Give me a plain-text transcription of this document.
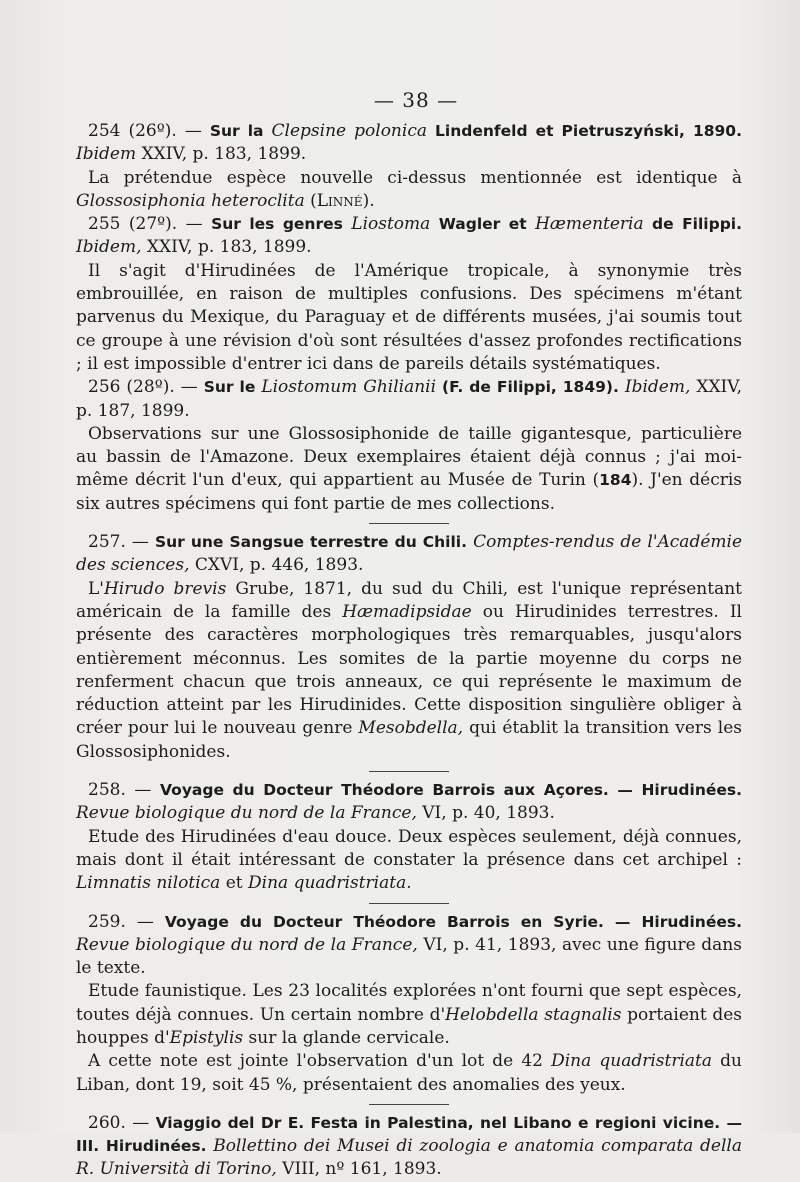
— 38 —

254 (26º). — Sur la Clepsine polonica Lindenfeld et Pietruszyński, 1890. Ibidem XXIV, p. 183, 1899.

La prétendue espèce nouvelle ci-dessus mentionnée est identique à Glossosiphonia heteroclita (Linné).

255 (27º). — Sur les genres Liostoma Wagler et Hæmenteria de Filippi. Ibidem, XXIV, p. 183, 1899.

Il s'agit d'Hirudinées de l'Amérique tropicale, à synonymie très embrouillée, en raison de multiples confusions. Des spécimens m'étant parvenus du Mexique, du Paraguay et de différents musées, j'ai soumis tout ce groupe à une révision d'où sont résultées d'assez profondes rectifications ; il est impossible d'entrer ici dans de pareils détails systématiques.

256 (28º). — Sur le Liostomum Ghilianii (F. de Filippi, 1849). Ibidem, XXIV, p. 187, 1899.

Observations sur une Glossosiphonide de taille gigantesque, particulière au bassin de l'Amazone. Deux exemplaires étaient déjà connus ; j'ai moi-même décrit l'un d'eux, qui appartient au Musée de Turin (184). J'en décris six autres spécimens qui font partie de mes collections.

257. — Sur une Sangsue terrestre du Chili. Comptes-rendus de l'Académie des sciences, CXVI, p. 446, 1893.

L'Hirudo brevis Grube, 1871, du sud du Chili, est l'unique représentant américain de la famille des Hæmadipsidae ou Hirudinides terrestres. Il présente des caractères morphologiques très remarquables, jusqu'alors entièrement méconnus. Les somites de la partie moyenne du corps ne renferment chacun que trois anneaux, ce qui représente le maximum de réduction atteint par les Hirudinides. Cette disposition singulière obliger à créer pour lui le nouveau genre Mesobdella, qui établit la transition vers les Glossosiphonides.

258. — Voyage du Docteur Théodore Barrois aux Açores. — Hirudinées. Revue biologique du nord de la France, VI, p. 40, 1893.

Etude des Hirudinées d'eau douce. Deux espèces seulement, déjà connues, mais dont il était intéressant de constater la présence dans cet archipel : Limnatis nilotica et Dina quadristriata.

259. — Voyage du Docteur Théodore Barrois en Syrie. — Hirudinées. Revue biologique du nord de la France, VI, p. 41, 1893, avec une figure dans le texte.

Etude faunistique. Les 23 localités explorées n'ont fourni que sept espèces, toutes déjà connues. Un certain nombre d'Helobdella stagnalis portaient des houppes d'Epistylis sur la glande cervicale.

A cette note est jointe l'observation d'un lot de 42 Dina quadristriata du Liban, dont 19, soit 45 %, présentaient des anomalies des yeux.

260. — Viaggio del Dr E. Festa in Palestina, nel Libano e regioni vicine. — III. Hirudinées. Bollettino dei Musei di zoologia e anatomia comparata della R. Università di Torino, VIII, nº 161, 1893.
